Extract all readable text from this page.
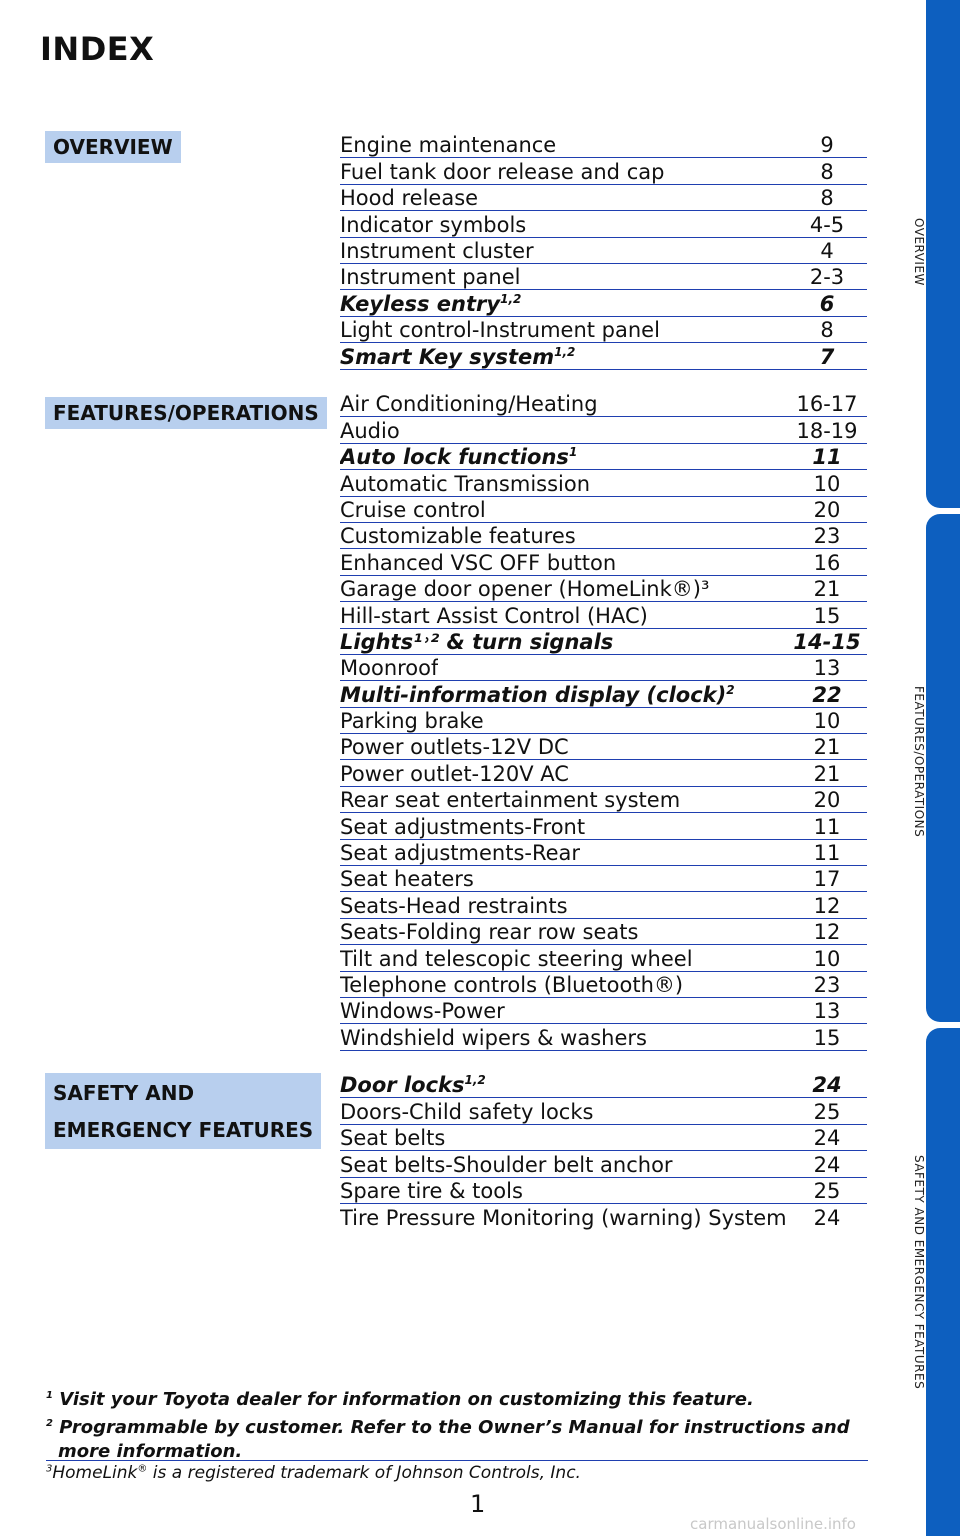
INDEX
OVERVIEW
FEATURES/OPERATIONS
SAFETY AND
EMERGENCY FEATURES
Engine maintenance	9
Fuel tank door release and cap	8
Hood release	8
Indicator symbols	4-5
Instrument cluster	4
Instrument panel	2-3
Keyless entry$^{1,2}$	6
Light control-Instrument panel	8
Smart Key system$^{1,2}$	7
Air Conditioning/Heating	16-17
Audio	18-19
Auto lock functions$^1$	11
Automatic Transmission	10
Cruise control	20
Customizable features	23
Enhanced VSC OFF button	16
Garage door opener (HomeLink®)³	21
Hill-start Assist Control (HAC)	15
Lights¹˒² & turn signals	14-15
Moonroof	13
Multi-information display (clock)$^2$	22
Parking brake	10
Power outlets-12V DC	21
Power outlet-120V AC	21
Rear seat entertainment system	20
Seat adjustments-Front	11
Seat adjustments-Rear	11
Seat heaters	17
Seats-Head restraints	12
Seats-Folding rear row seats	12
Tilt and telescopic steering wheel	10
Telephone controls (Bluetooth®)	23
Windows-Power	13
Windshield wipers & washers	15
Door locks$^{1,2}$	24
Doors-Child safety locks	25
Seat belts	24
Seat belts-Shoulder belt anchor	24
Spare tire & tools	25
Tire Pressure Monitoring (warning) System	24
OVERVIEW
FEATURES/OPERATIONS
SAFETY AND EMERGENCY FEATURES
$^1$ Visit your Toyota dealer for information on customizing this feature.
$^2$ Programmable by customer. Refer to the Owner’s Manual for instructions and more information.
$^3$HomeLink® is a registered trademark of Johnson Controls, Inc.
1
carmanualsonline.info
